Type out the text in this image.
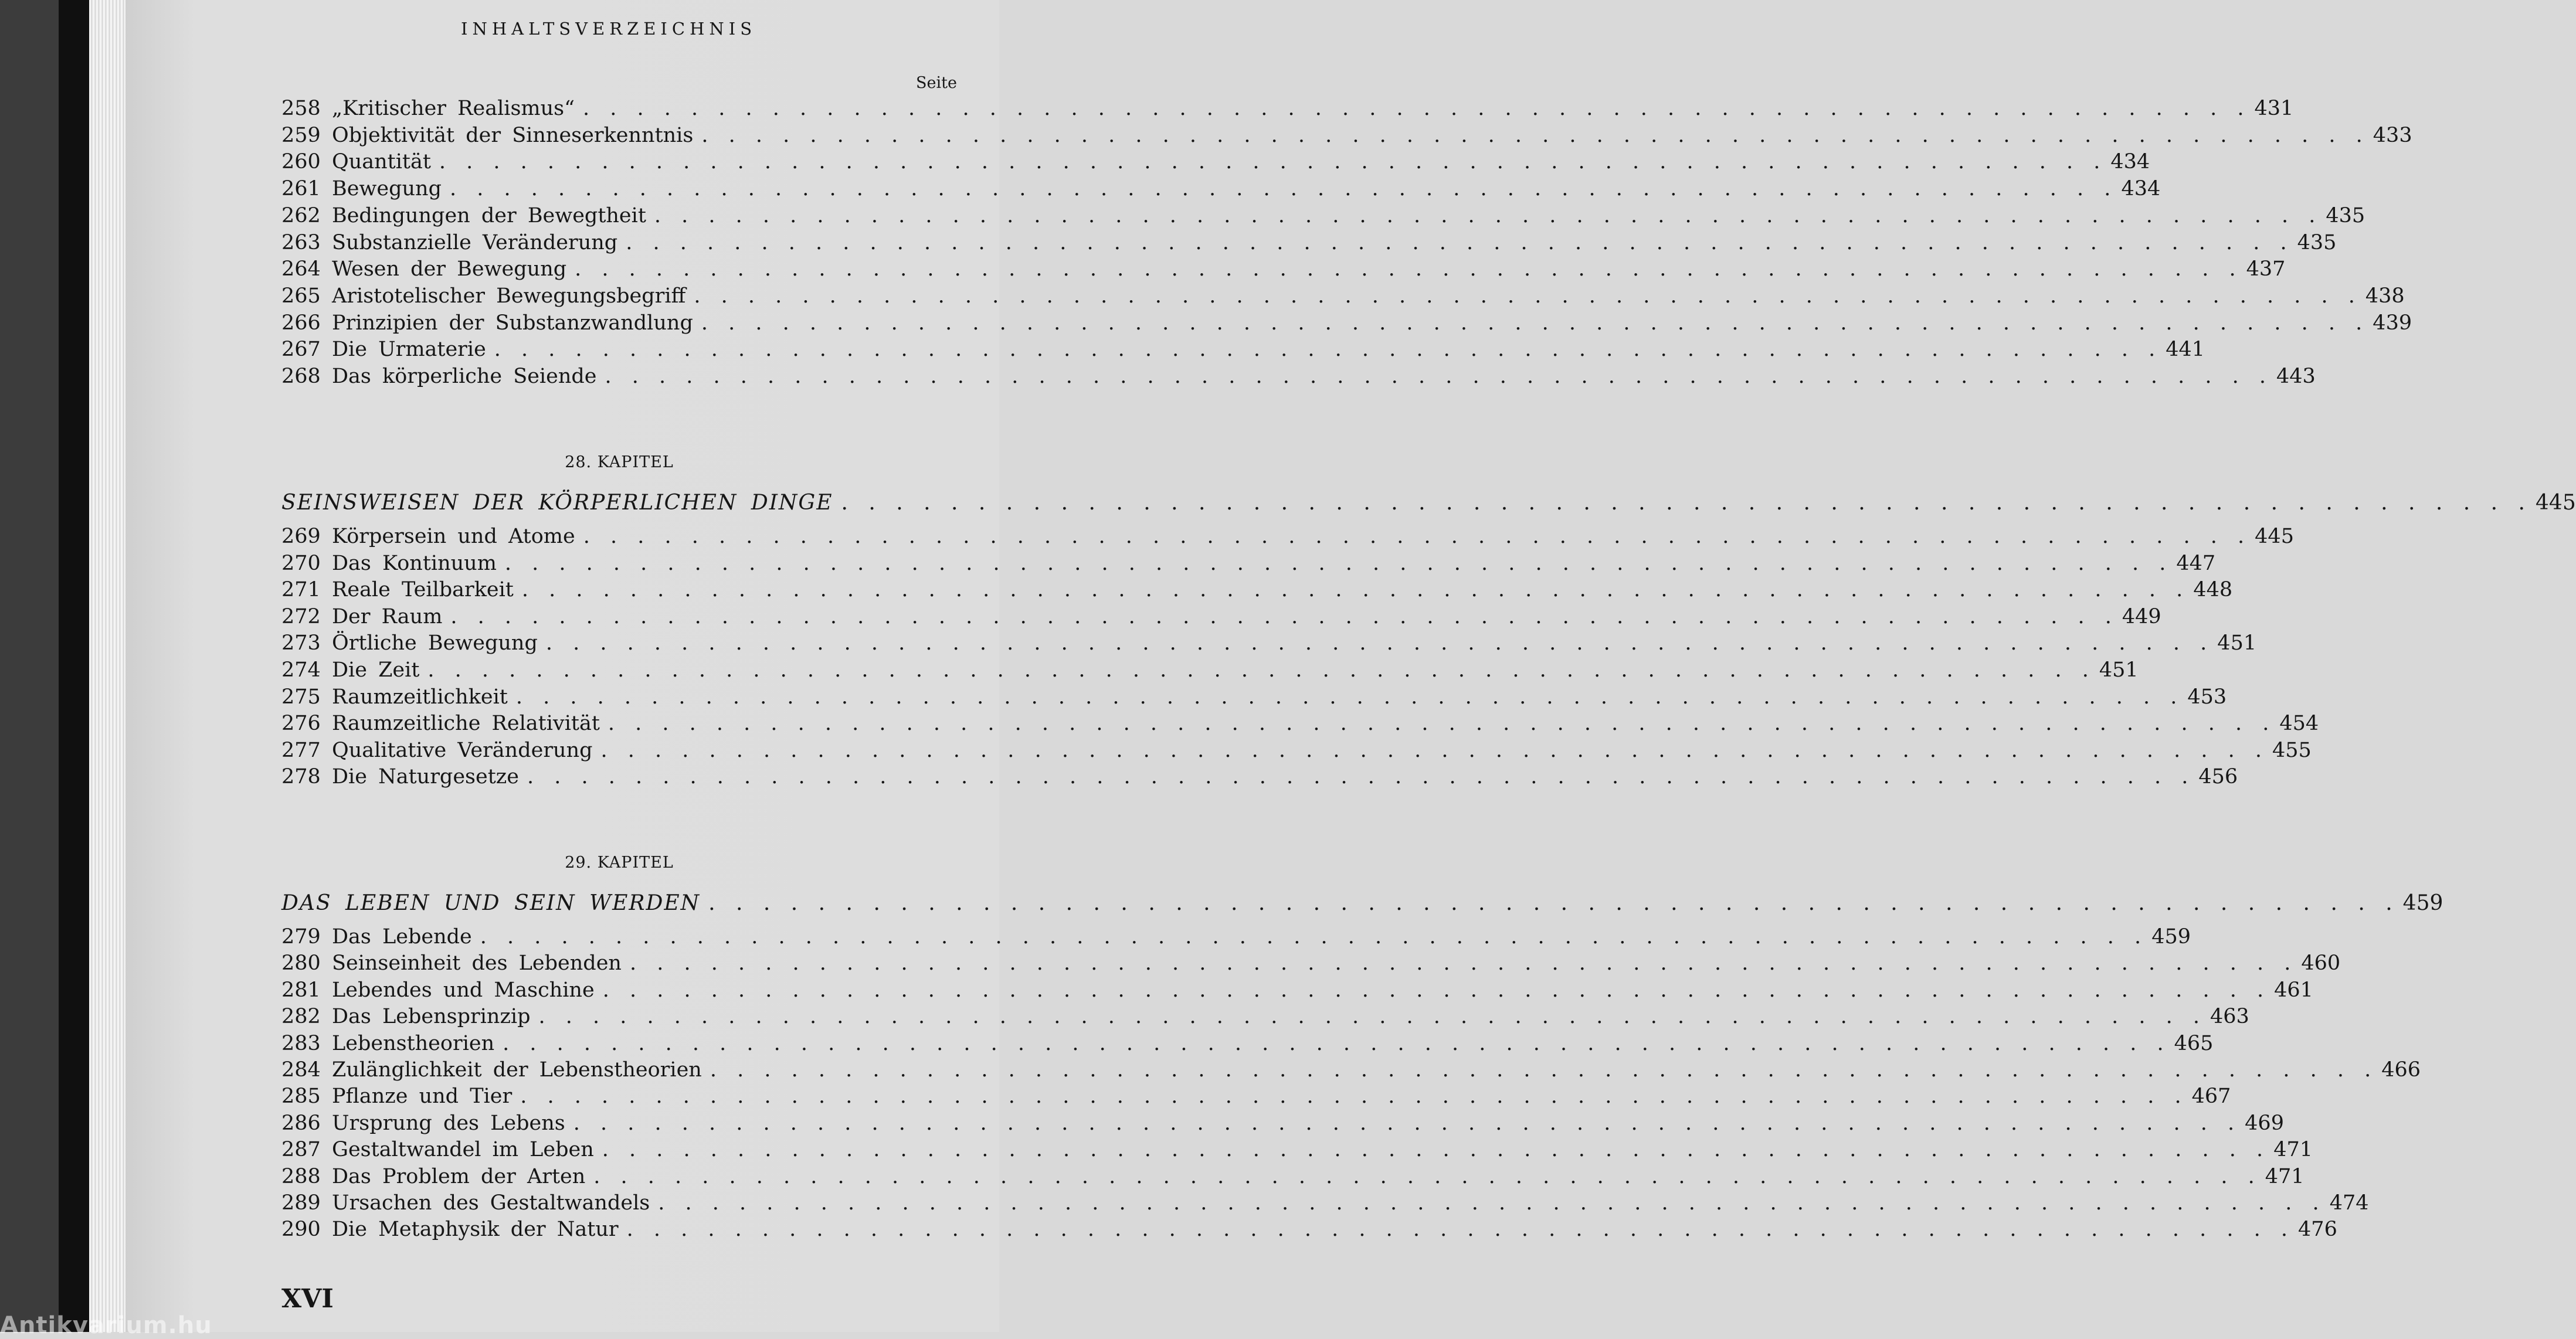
INHALTSVERZEICHNIS
Seite
258 „Kritischer Realismus“ . . . . . . . . . . . . . . . . . . . . . . . . . . . . . . . . . . . . . . . . . . . . . . . . . . . . . . . . . . . . . . 431
259 Objektivität der Sinneserkenntnis . . . . . . . . . . . . . . . . . . . . . . . . . . . . . . . . . . . . . . . . . . . . . . . . . . . . . . . . . . . . . . 433
260 Quantität . . . . . . . . . . . . . . . . . . . . . . . . . . . . . . . . . . . . . . . . . . . . . . . . . . . . . . . . . . . . . . 434
261 Bewegung . . . . . . . . . . . . . . . . . . . . . . . . . . . . . . . . . . . . . . . . . . . . . . . . . . . . . . . . . . . . . . 434
262 Bedingungen der Bewegtheit . . . . . . . . . . . . . . . . . . . . . . . . . . . . . . . . . . . . . . . . . . . . . . . . . . . . . . . . . . . . . . 435
263 Substanzielle Veränderung . . . . . . . . . . . . . . . . . . . . . . . . . . . . . . . . . . . . . . . . . . . . . . . . . . . . . . . . . . . . . . 435
264 Wesen der Bewegung . . . . . . . . . . . . . . . . . . . . . . . . . . . . . . . . . . . . . . . . . . . . . . . . . . . . . . . . . . . . . . 437
265 Aristotelischer Bewegungsbegriff . . . . . . . . . . . . . . . . . . . . . . . . . . . . . . . . . . . . . . . . . . . . . . . . . . . . . . . . . . . . . . 438
266 Prinzipien der Substanzwandlung . . . . . . . . . . . . . . . . . . . . . . . . . . . . . . . . . . . . . . . . . . . . . . . . . . . . . . . . . . . . . . 439
267 Die Urmaterie . . . . . . . . . . . . . . . . . . . . . . . . . . . . . . . . . . . . . . . . . . . . . . . . . . . . . . . . . . . . . . 441
268 Das körperliche Seiende . . . . . . . . . . . . . . . . . . . . . . . . . . . . . . . . . . . . . . . . . . . . . . . . . . . . . . . . . . . . . . 443
28. KAPITEL
SEINSWEISEN DER KÖRPERLICHEN DINGE . . . . . . . . . . . . . . . . . . . . . . . . . . . . . . . . . . . . . . . . . . . . . . . . . . . . . . . . . . . . . . 445
269 Körpersein und Atome . . . . . . . . . . . . . . . . . . . . . . . . . . . . . . . . . . . . . . . . . . . . . . . . . . . . . . . . . . . . . . 445
270 Das Kontinuum . . . . . . . . . . . . . . . . . . . . . . . . . . . . . . . . . . . . . . . . . . . . . . . . . . . . . . . . . . . . . . 447
271 Reale Teilbarkeit . . . . . . . . . . . . . . . . . . . . . . . . . . . . . . . . . . . . . . . . . . . . . . . . . . . . . . . . . . . . . . 448
272 Der Raum . . . . . . . . . . . . . . . . . . . . . . . . . . . . . . . . . . . . . . . . . . . . . . . . . . . . . . . . . . . . . . 449
273 Örtliche Bewegung . . . . . . . . . . . . . . . . . . . . . . . . . . . . . . . . . . . . . . . . . . . . . . . . . . . . . . . . . . . . . . 451
274 Die Zeit . . . . . . . . . . . . . . . . . . . . . . . . . . . . . . . . . . . . . . . . . . . . . . . . . . . . . . . . . . . . . . 451
275 Raumzeitlichkeit . . . . . . . . . . . . . . . . . . . . . . . . . . . . . . . . . . . . . . . . . . . . . . . . . . . . . . . . . . . . . . 453
276 Raumzeitliche Relativität . . . . . . . . . . . . . . . . . . . . . . . . . . . . . . . . . . . . . . . . . . . . . . . . . . . . . . . . . . . . . . 454
277 Qualitative Veränderung . . . . . . . . . . . . . . . . . . . . . . . . . . . . . . . . . . . . . . . . . . . . . . . . . . . . . . . . . . . . . . 455
278 Die Naturgesetze . . . . . . . . . . . . . . . . . . . . . . . . . . . . . . . . . . . . . . . . . . . . . . . . . . . . . . . . . . . . . . 456
29. KAPITEL
DAS LEBEN UND SEIN WERDEN . . . . . . . . . . . . . . . . . . . . . . . . . . . . . . . . . . . . . . . . . . . . . . . . . . . . . . . . . . . . . . 459
279 Das Lebende . . . . . . . . . . . . . . . . . . . . . . . . . . . . . . . . . . . . . . . . . . . . . . . . . . . . . . . . . . . . . . 459
280 Seinseinheit des Lebenden . . . . . . . . . . . . . . . . . . . . . . . . . . . . . . . . . . . . . . . . . . . . . . . . . . . . . . . . . . . . . . 460
281 Lebendes und Maschine . . . . . . . . . . . . . . . . . . . . . . . . . . . . . . . . . . . . . . . . . . . . . . . . . . . . . . . . . . . . . . 461
282 Das Lebensprinzip . . . . . . . . . . . . . . . . . . . . . . . . . . . . . . . . . . . . . . . . . . . . . . . . . . . . . . . . . . . . . . 463
283 Lebenstheorien . . . . . . . . . . . . . . . . . . . . . . . . . . . . . . . . . . . . . . . . . . . . . . . . . . . . . . . . . . . . . . 465
284 Zulänglichkeit der Lebenstheorien . . . . . . . . . . . . . . . . . . . . . . . . . . . . . . . . . . . . . . . . . . . . . . . . . . . . . . . . . . . . . . 466
285 Pflanze und Tier . . . . . . . . . . . . . . . . . . . . . . . . . . . . . . . . . . . . . . . . . . . . . . . . . . . . . . . . . . . . . . 467
286 Ursprung des Lebens . . . . . . . . . . . . . . . . . . . . . . . . . . . . . . . . . . . . . . . . . . . . . . . . . . . . . . . . . . . . . . 469
287 Gestaltwandel im Leben . . . . . . . . . . . . . . . . . . . . . . . . . . . . . . . . . . . . . . . . . . . . . . . . . . . . . . . . . . . . . . 471
288 Das Problem der Arten . . . . . . . . . . . . . . . . . . . . . . . . . . . . . . . . . . . . . . . . . . . . . . . . . . . . . . . . . . . . . . 471
289 Ursachen des Gestaltwandels . . . . . . . . . . . . . . . . . . . . . . . . . . . . . . . . . . . . . . . . . . . . . . . . . . . . . . . . . . . . . . 474
290 Die Metaphysik der Natur . . . . . . . . . . . . . . . . . . . . . . . . . . . . . . . . . . . . . . . . . . . . . . . . . . . . . . . . . . . . . . 476
XVI
Antikvarium.hu
